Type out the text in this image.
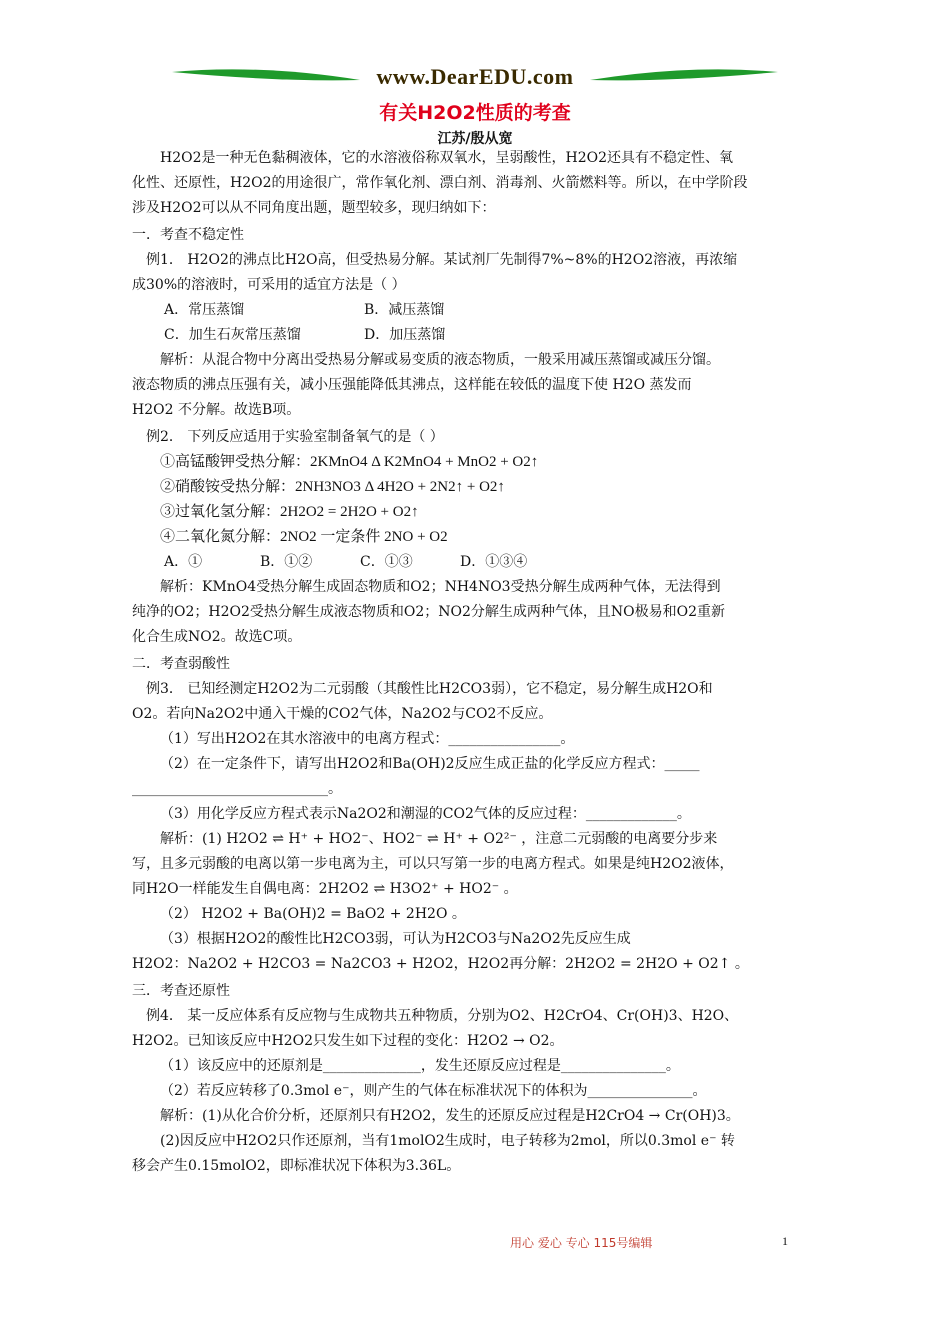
www.DearEDU.com
有关H2O2性质的考查
江苏/殷从宽

H2O2是一种无色黏稠液体，它的水溶液俗称双氧水，呈弱酸性，H2O2还具有不稳定性、氧

化性、还原性，H2O2的用途很广，常作氧化剂、漂白剂、消毒剂、火箭燃料等。所以，在中学阶段

涉及H2O2可以从不同角度出题，题型较多，现归纳如下：

一．考查不稳定性

例1． H2O2的沸点比H2O高，但受热易分解。某试剂厂先制得7%~8%的H2O2溶液，再浓缩

成30%的溶液时，可采用的适宜方法是（ ）

A．常压蒸馏	B．减压蒸馏
C．加生石灰常压蒸馏	D．加压蒸馏

解析：从混合物中分离出受热易分解或易变质的液态物质，一般采用减压蒸馏或减压分馏。

液态物质的沸点压强有关，减小压强能降低其沸点，这样能在较低的温度下使 H2O 蒸发而

H2O2 不分解。故选B项。

例2． 下列反应适用于实验室制备氧气的是（ ）

①高锰酸钾受热分解：2KMnO4 Δ K2MnO4 + MnO2 + O2↑

②硝酸铵受热分解：2NH3NO3 Δ 4H2O + 2N2↑ + O2↑

③过氧化氢分解：2H2O2 = 2H2O + O2↑

④二氧化氮分解：2NO2 一定条件 2NO + O2

A．①	B．①②	C．①③	D．①③④

解析：KMnO4受热分解生成固态物质和O2；NH4NO3受热分解生成两种气体，无法得到

纯净的O2；H2O2受热分解生成液态物质和O2；NO2分解生成两种气体，且NO极易和O2重新

化合生成NO2。故选C项。

二．考查弱酸性

例3． 已知经测定H2O2为二元弱酸（其酸性比H2CO3弱），它不稳定，易分解生成H2O和

O2。若向Na2O2中通入干燥的CO2气体，Na2O2与CO2不反应。

（1）写出H2O2在其水溶液中的电离方程式：________________。

（2）在一定条件下，请写出H2O2和Ba(OH)2反应生成正盐的化学反应方程式：_____

____________________________。

（3）用化学反应方程式表示Na2O2和潮湿的CO2气体的反应过程：_____________。

解析：(1) H2O2 ⇌ H⁺ + HO2⁻、HO2⁻ ⇌ H⁺ + O2²⁻ ，注意二元弱酸的电离要分步来

写，且多元弱酸的电离以第一步电离为主，可以只写第一步的电离方程式。如果是纯H2O2液体，

同H2O一样能发生自偶电离：2H2O2 ⇌ H3O2⁺ + HO2⁻ 。

（2） H2O2 + Ba(OH)2 = BaO2 + 2H2O 。

（3）根据H2O2的酸性比H2CO3弱，可认为H2CO3与Na2O2先反应生成

H2O2：Na2O2 + H2CO3 = Na2CO3 + H2O2，H2O2再分解：2H2O2 = 2H2O + O2↑ 。

三．考查还原性

例4． 某一反应体系有反应物与生成物共五种物质，分别为O2、H2CrO4、Cr(OH)3、H2O、

H2O2。已知该反应中H2O2只发生如下过程的变化：H2O2 → O2。

（1）该反应中的还原剂是______________，发生还原反应过程是_______________。

（2）若反应转移了0.3mol e⁻，则产生的气体在标准状况下的体积为_______________。

解析：(1)从化合价分析，还原剂只有H2O2，发生的还原反应过程是H2CrO4 → Cr(OH)3。

(2)因反应中H2O2只作还原剂，当有1molO2生成时，电子转移为2mol，所以0.3mol e⁻ 转

移会产生0.15molO2，即标准状况下体积为3.36L。

用心 爱心 专心 115号编辑	1
